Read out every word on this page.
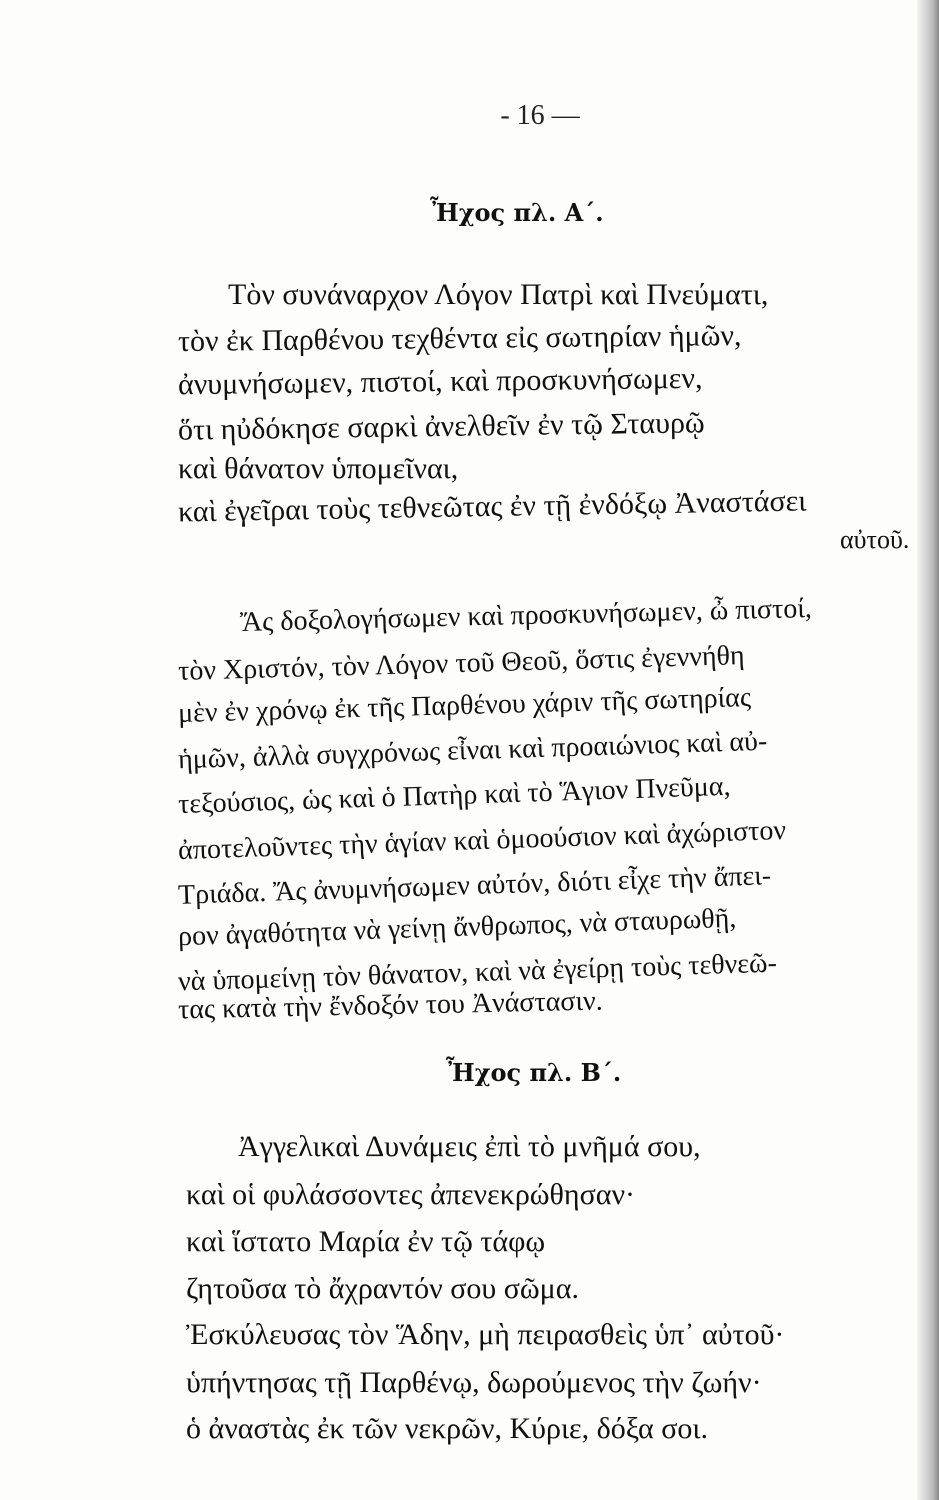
- 16 —
Ἦχος πλ. Α΄.
Τὸν συνάναρχον Λόγον Πατρὶ καὶ Πνεύματι,
τὸν ἐκ Παρθένου τεχθέντα εἰς σωτηρίαν ἡμῶν,
ἀνυμνήσωμεν, πιστοί, καὶ προσκυνήσωμεν,
ὅτι ηὐδόκησε σαρκὶ ἀνελθεῖν ἐν τῷ Σταυρῷ
καὶ θάνατον ὑπομεῖναι,
καὶ ἐγεῖραι τοὺς τεθνεῶτας ἐν τῇ ἐνδόξῳ Ἀναστάσει
αὐτοῦ.
Ἄς δοξολογήσωμεν καὶ προσκυνήσωμεν, ὦ πιστοί,
τὸν Χριστόν, τὸν Λόγον τοῦ Θεοῦ, ὅστις ἐγεννήθη
μὲν ἐν χρόνῳ ἐκ τῆς Παρθένου χάριν τῆς σωτηρίας
ἡμῶν, ἀλλὰ συγχρόνως εἶναι καὶ προαιώνιος καὶ αὐ-
τεξούσιος, ὡς καὶ ὁ Πατὴρ καὶ τὸ Ἅγιον Πνεῦμα,
ἀποτελοῦντες τὴν ἁγίαν καὶ ὁμοούσιον καὶ ἀχώριστον
Τριάδα. Ἄς ἀνυμνήσωμεν αὐτόν, διότι εἶχε τὴν ἄπει-
ρον ἀγαθότητα νὰ γείνῃ ἄνθρωπος, νὰ σταυρωθῇ,
νὰ ὑπομείνῃ τὸν θάνατον, καὶ νὰ ἐγείρῃ τοὺς τεθνεῶ-
τας κατὰ τὴν ἔνδοξόν του Ἀνάστασιν.
Ἦχος πλ. Β΄.
Ἀγγελικαὶ Δυνάμεις ἐπὶ τὸ μνῆμά σου,
καὶ οἱ φυλάσσοντες ἀπενεκρώθησαν·
καὶ ἵστατο Μαρία ἐν τῷ τάφῳ
ζητοῦσα τὸ ἄχραντόν σου σῶμα.
Ἐσκύλευσας τὸν Ἅδην, μὴ πειρασθεὶς ὑπ᾽ αὐτοῦ·
ὑπήντησας τῇ Παρθένῳ, δωρούμενος τὴν ζωήν·
ὁ ἀναστὰς ἐκ τῶν νεκρῶν, Κύριε, δόξα σοι.
